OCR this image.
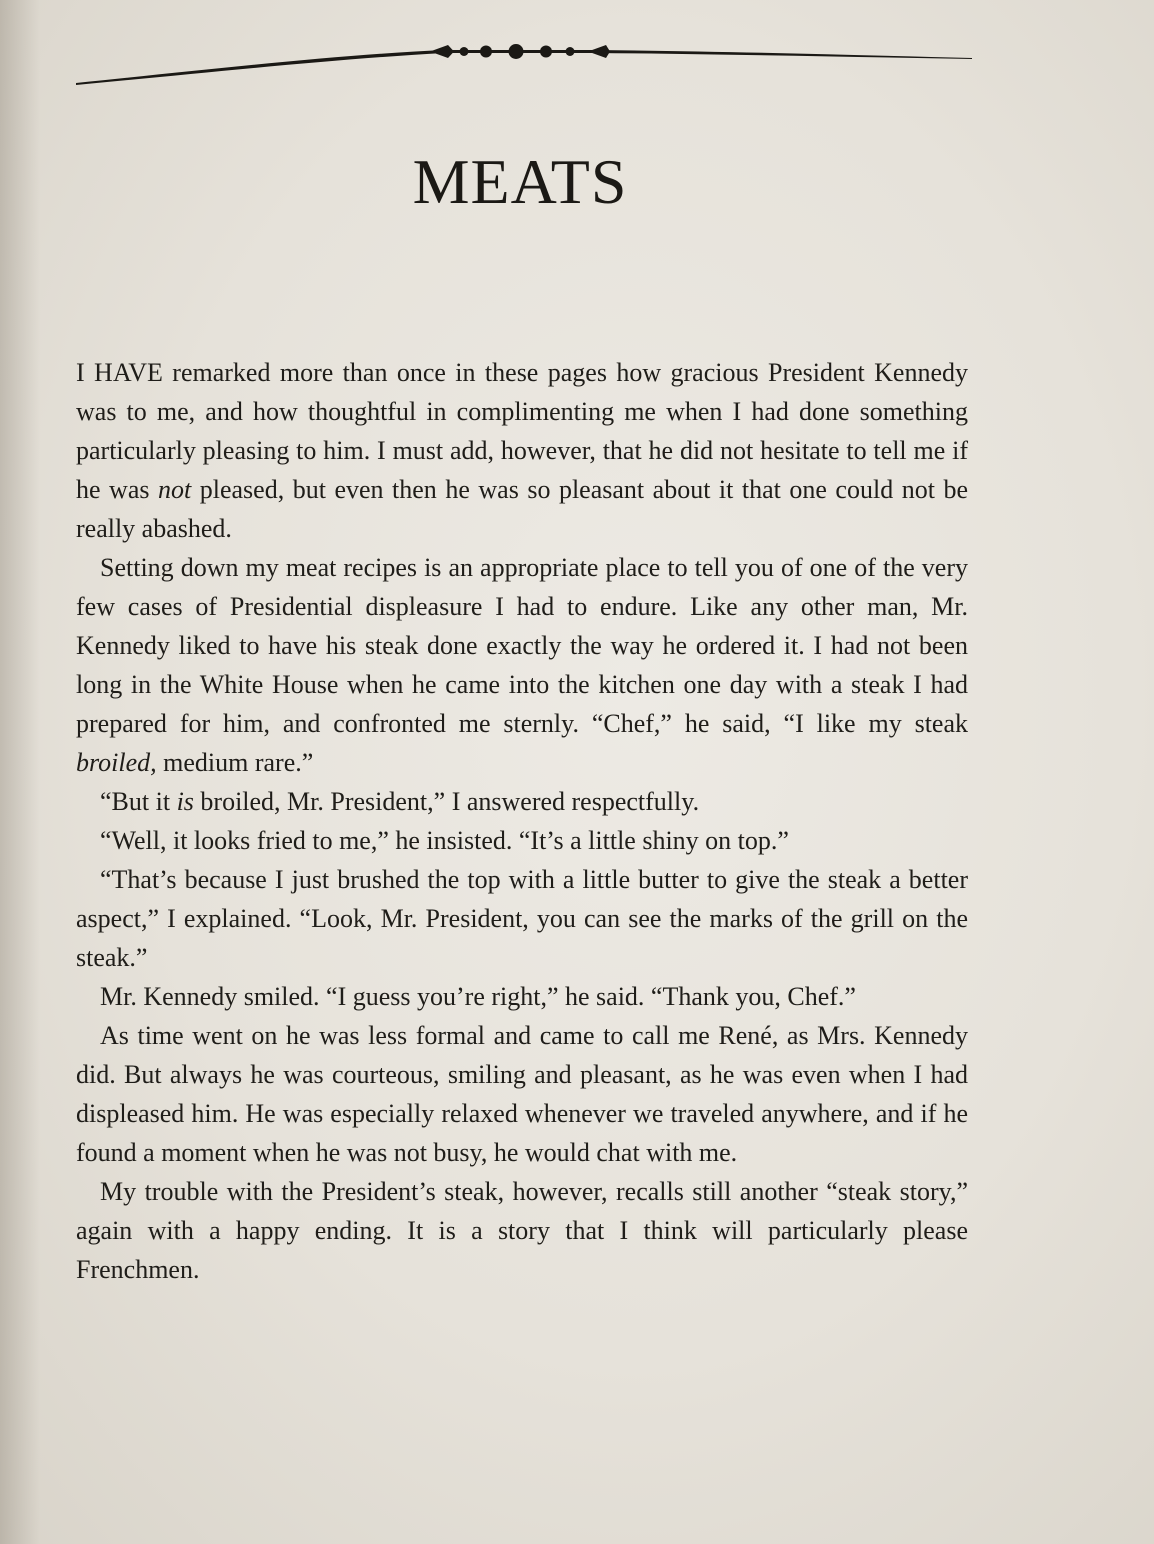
MEATS

I HAVE remarked more than once in these pages how gracious President Kennedy was to me, and how thoughtful in complimenting me when I had done something particularly pleasing to him. I must add, however, that he did not hesitate to tell me if he was not pleased, but even then he was so pleasant about it that one could not be really abashed.

Setting down my meat recipes is an appropriate place to tell you of one of the very few cases of Presidential displeasure I had to endure. Like any other man, Mr. Kennedy liked to have his steak done exactly the way he ordered it. I had not been long in the White House when he came into the kitchen one day with a steak I had prepared for him, and confronted me sternly. “Chef,” he said, “I like my steak broiled, medium rare.”

“But it is broiled, Mr. President,” I answered respectfully.

“Well, it looks fried to me,” he insisted. “It’s a little shiny on top.”

“That’s because I just brushed the top with a little butter to give the steak a better aspect,” I explained. “Look, Mr. President, you can see the marks of the grill on the steak.”

Mr. Kennedy smiled. “I guess you’re right,” he said. “Thank you, Chef.”

As time went on he was less formal and came to call me René, as Mrs. Kennedy did. But always he was courteous, smiling and pleasant, as he was even when I had displeased him. He was especially relaxed whenever we traveled anywhere, and if he found a moment when he was not busy, he would chat with me.

My trouble with the President’s steak, however, recalls still another “steak story,” again with a happy ending. It is a story that I think will particularly please Frenchmen.
